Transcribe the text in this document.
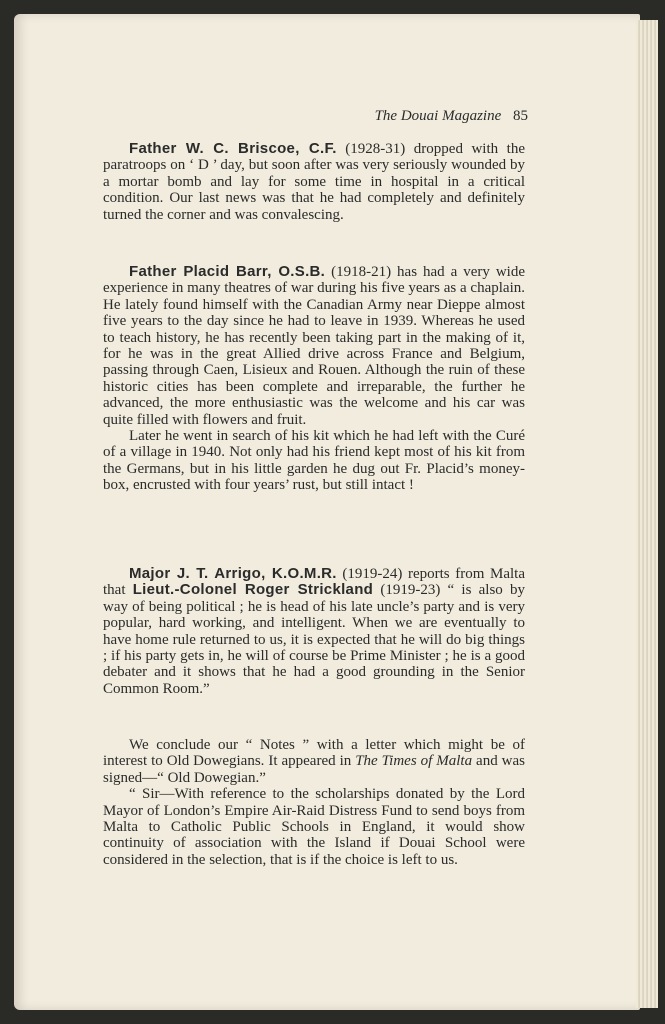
The Douai Magazine 85

Father W. C. Briscoe, C.F. (1928-31) dropped with the paratroops on ‘ D ’ day, but soon after was very seriously wounded by a mortar bomb and lay for some time in hospital in a critical condition. Our last news was that he had completely and definitely turned the corner and was convalescing.

Father Placid Barr, O.S.B. (1918-21) has had a very wide experience in many theatres of war during his five years as a chaplain. He lately found himself with the Canadian Army near Dieppe almost five years to the day since he had to leave in 1939. Whereas he used to teach history, he has recently been taking part in the making of it, for he was in the great Allied drive across France and Belgium, passing through Caen, Lisieux and Rouen. Although the ruin of these historic cities has been complete and irreparable, the further he advanced, the more enthusiastic was the welcome and his car was quite filled with flowers and fruit.

Later he went in search of his kit which he had left with the Curé of a village in 1940. Not only had his friend kept most of his kit from the Germans, but in his little garden he dug out Fr. Placid’s money-box, encrusted with four years’ rust, but still intact !

Major J. T. Arrigo, K.O.M.R. (1919-24) reports from Malta that Lieut.-Colonel Roger Strickland (1919-23) “ is also by way of being political ; he is head of his late uncle’s party and is very popular, hard working, and intelligent. When we are eventually to have home rule returned to us, it is expected that he will do big things ; if his party gets in, he will of course be Prime Minister ; he is a good debater and it shows that he had a good grounding in the Senior Common Room.”

We conclude our “ Notes ” with a letter which might be of interest to Old Dowegians. It appeared in The Times of Malta and was signed—“ Old Dowegian.”

“ Sir—With reference to the scholarships donated by the Lord Mayor of London’s Empire Air-Raid Distress Fund to send boys from Malta to Catholic Public Schools in England, it would show continuity of association with the Island if Douai School were considered in the selection, that is if the choice is left to us.
